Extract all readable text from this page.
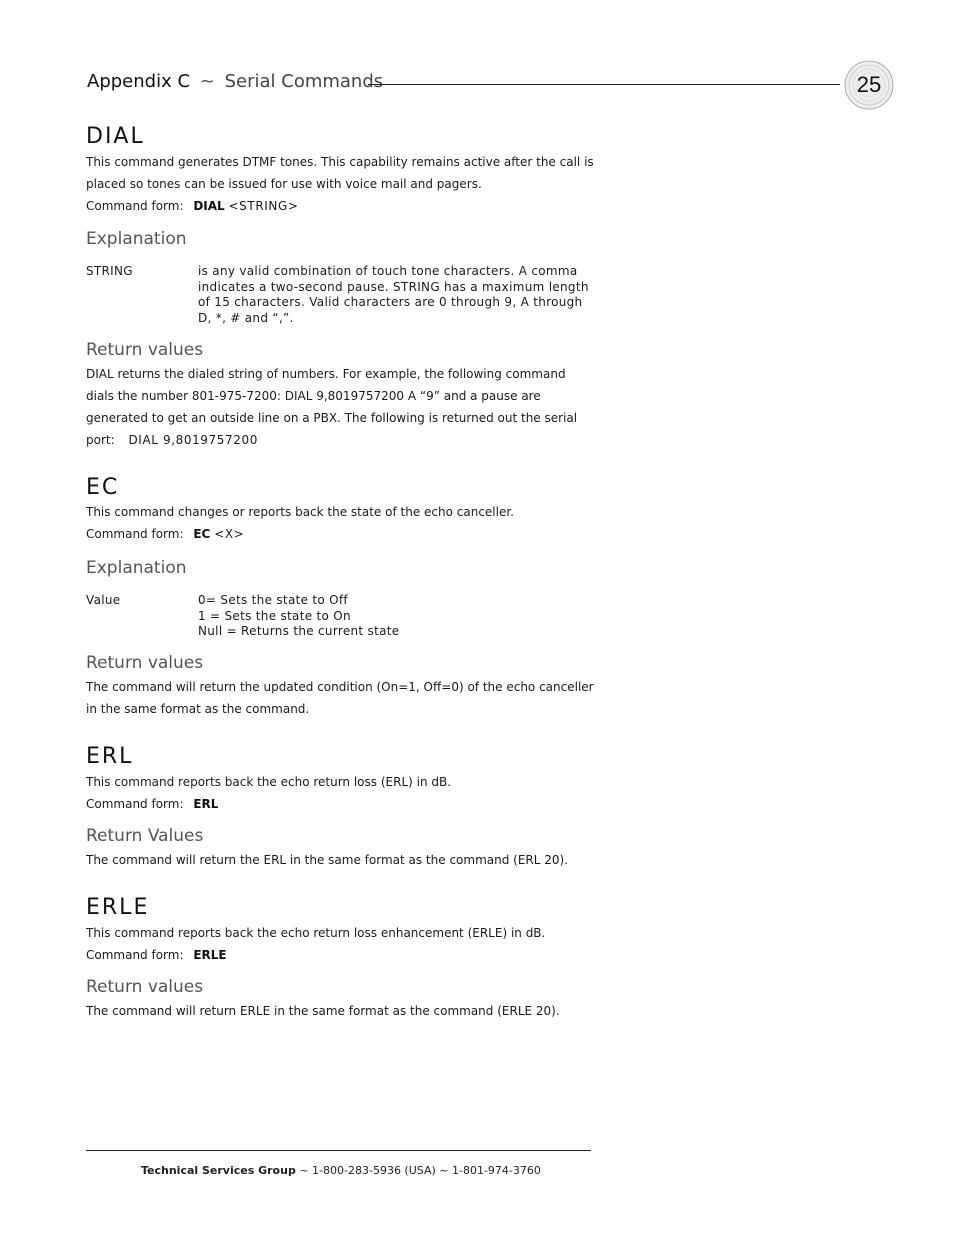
Appendix C ~ Serial Commands	25
DIAL
This command generates DTMF tones. This capability remains active after the call is
placed so tones can be issued for use with voice mail and pagers.
Command form: DIAL <STRING>
Explanation
STRING	is any valid combination of touch tone characters. A comma
indicates a two-second pause. STRING has a maximum length
of 15 characters. Valid characters are 0 through 9, A through
D, *, # and “,”.
Return values
DIAL returns the dialed string of numbers. For example, the following command
dials the number 801-975-7200: DIAL 9,8019757200 A “9” and a pause are
generated to get an outside line on a PBX. The following is returned out the serial
port: DIAL 9,8019757200
EC
This command changes or reports back the state of the echo canceller.
Command form: EC <X>
Explanation
Value	0= Sets the state to Off
1 = Sets the state to On
Null = Returns the current state
Return values
The command will return the updated condition (On=1, Off=0) of the echo canceller
in the same format as the command.
ERL
This command reports back the echo return loss (ERL) in dB.
Command form: ERL
Return Values
The command will return the ERL in the same format as the command (ERL 20).
ERLE
This command reports back the echo return loss enhancement (ERLE) in dB.
Command form: ERLE
Return values
The command will return ERLE in the same format as the command (ERLE 20).
Technical Services Group ~ 1-800-283-5936 (USA) ~ 1-801-974-3760
